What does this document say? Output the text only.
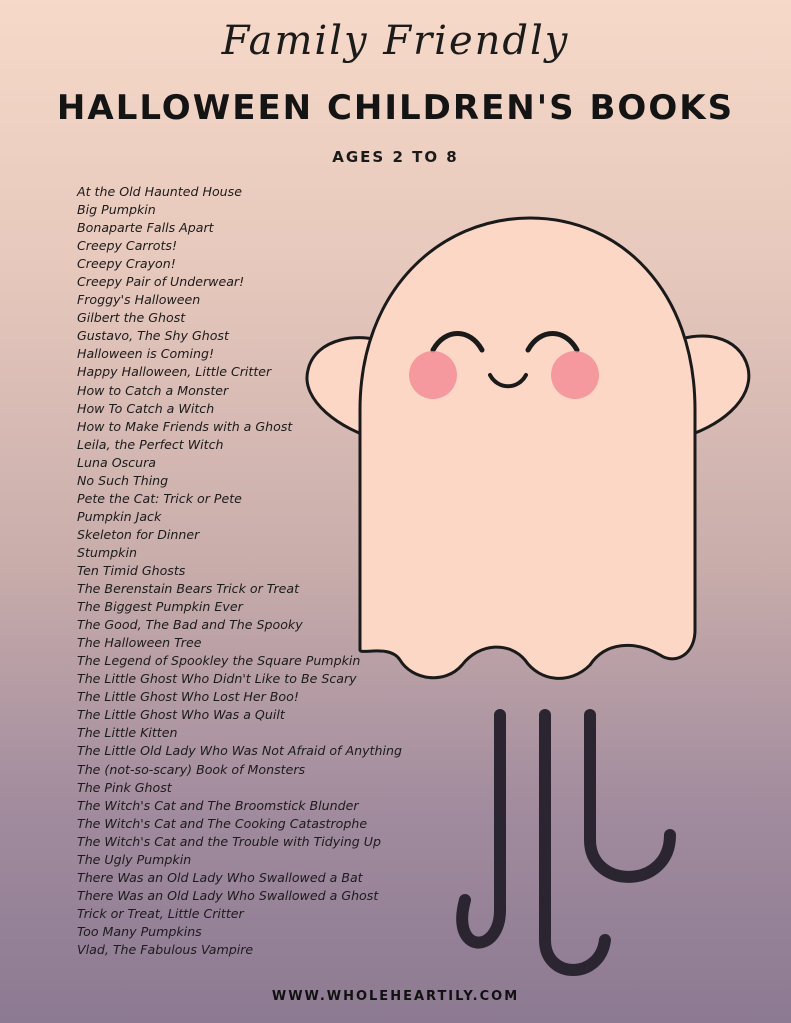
Family Friendly
HALLOWEEN CHILDREN'S BOOKS
AGES 2 TO 8
At the Old Haunted House
Big Pumpkin
Bonaparte Falls Apart
Creepy Carrots!
Creepy Crayon!
Creepy Pair of Underwear!
Froggy's Halloween
Gilbert the Ghost
Gustavo, The Shy Ghost
Halloween is Coming!
Happy Halloween, Little Critter
How to Catch a Monster
How To Catch a Witch
How to Make Friends with a Ghost
Leila, the Perfect Witch
Luna Oscura
No Such Thing
Pete the Cat: Trick or Pete
Pumpkin Jack
Skeleton for Dinner
Stumpkin
Ten Timid Ghosts
The Berenstain Bears Trick or Treat
The Biggest Pumpkin Ever
The Good, The Bad and The Spooky
The Halloween Tree
The Legend of Spookley the Square Pumpkin
The Little Ghost Who Didn't Like to Be Scary
The Little Ghost Who Lost Her Boo!
The Little Ghost Who Was a Quilt
The Little Kitten
The Little Old Lady Who Was Not Afraid of Anything
The (not-so-scary) Book of Monsters
The Pink Ghost
The Witch's Cat and The Broomstick Blunder
The Witch's Cat and The Cooking Catastrophe
The Witch's Cat and the Trouble with Tidying Up
The Ugly Pumpkin
There Was an Old Lady Who Swallowed a Bat
There Was an Old Lady Who Swallowed a Ghost
Trick or Treat, Little Critter
Too Many Pumpkins
Vlad, The Fabulous Vampire
WWW.WHOLEHEARTILY.COM
